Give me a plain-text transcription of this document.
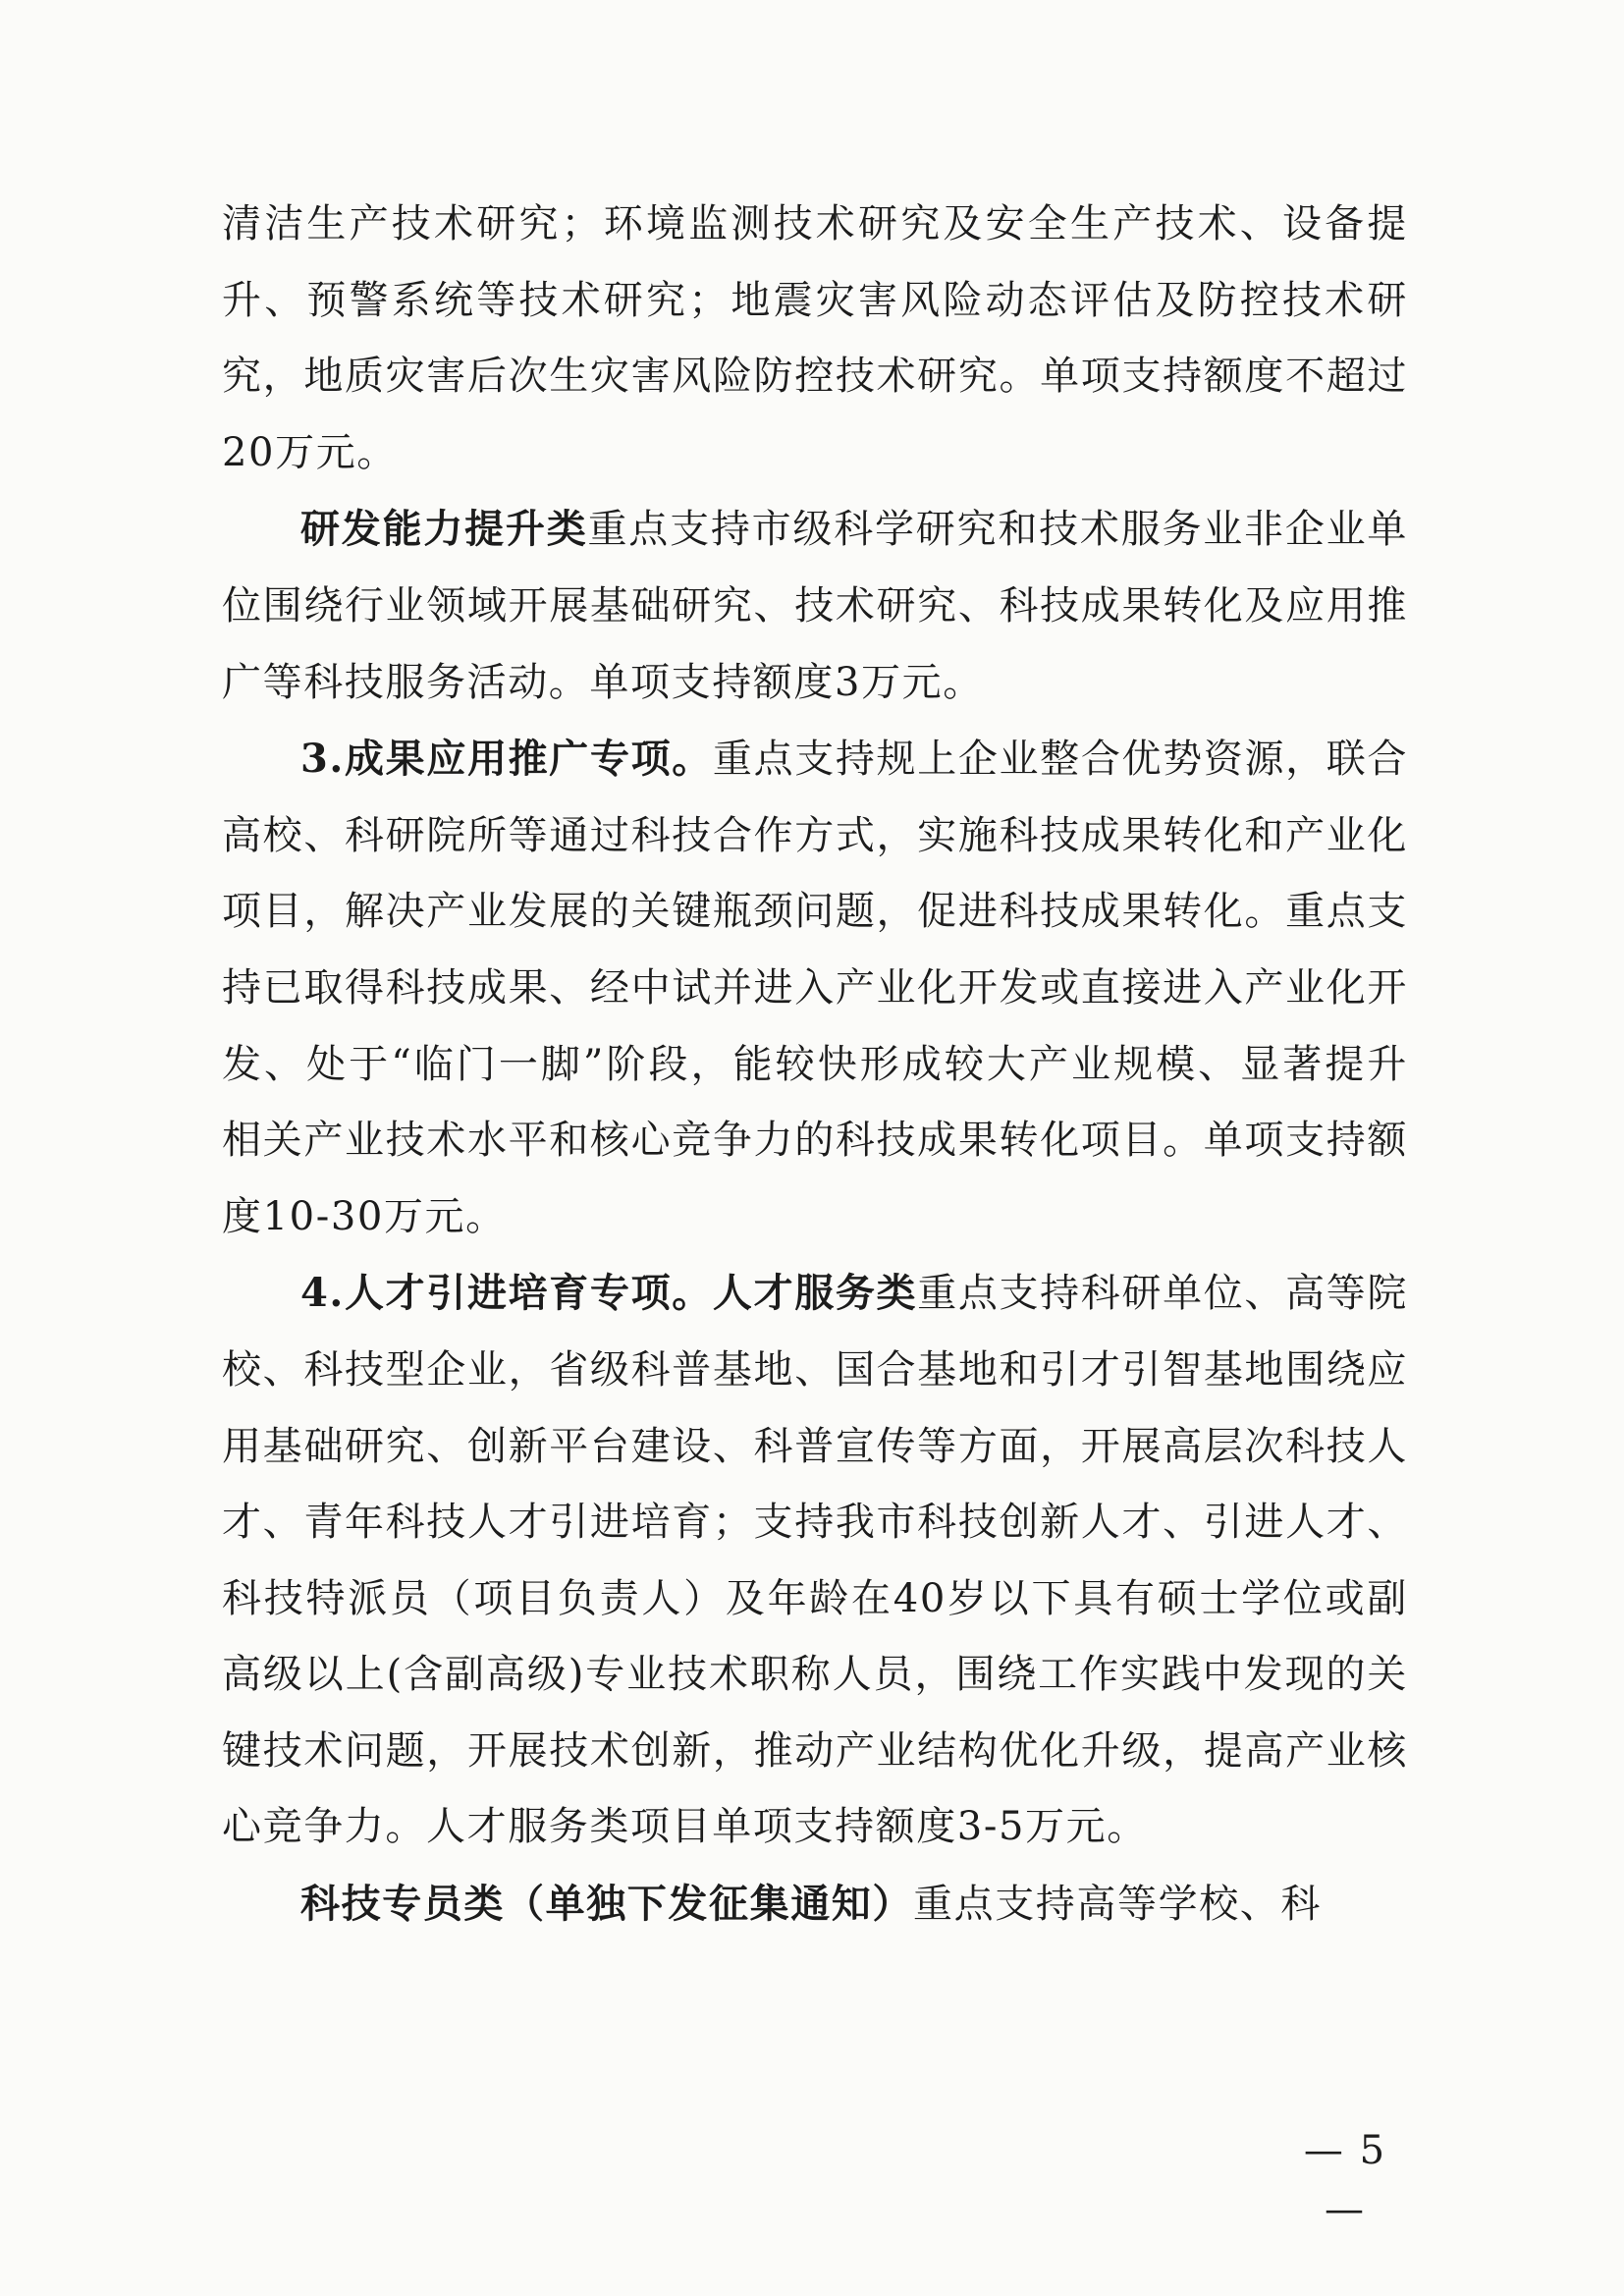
清洁生产技术研究；环境监测技术研究及安全生产技术、设备提升、预警系统等技术研究；地震灾害风险动态评估及防控技术研究，地质灾害后次生灾害风险防控技术研究。单项支持额度不超过20万元。

研发能力提升类重点支持市级科学研究和技术服务业非企业单位围绕行业领域开展基础研究、技术研究、科技成果转化及应用推广等科技服务活动。单项支持额度3万元。

3.成果应用推广专项。重点支持规上企业整合优势资源，联合高校、科研院所等通过科技合作方式，实施科技成果转化和产业化项目，解决产业发展的关键瓶颈问题，促进科技成果转化。重点支持已取得科技成果、经中试并进入产业化开发或直接进入产业化开发、处于“临门一脚”阶段，能较快形成较大产业规模、显著提升相关产业技术水平和核心竞争力的科技成果转化项目。单项支持额度10-30万元。

4.人才引进培育专项。人才服务类重点支持科研单位、高等院校、科技型企业，省级科普基地、国合基地和引才引智基地围绕应用基础研究、创新平台建设、科普宣传等方面，开展高层次科技人才、青年科技人才引进培育；支持我市科技创新人才、引进人才、科技特派员（项目负责人）及年龄在40岁以下具有硕士学位或副高级以上(含副高级)专业技术职称人员，围绕工作实践中发现的关键技术问题，开展技术创新，推动产业结构优化升级，提高产业核心竞争力。人才服务类项目单项支持额度3-5万元。

科技专员类（单独下发征集通知）重点支持高等学校、科

— 5 —
